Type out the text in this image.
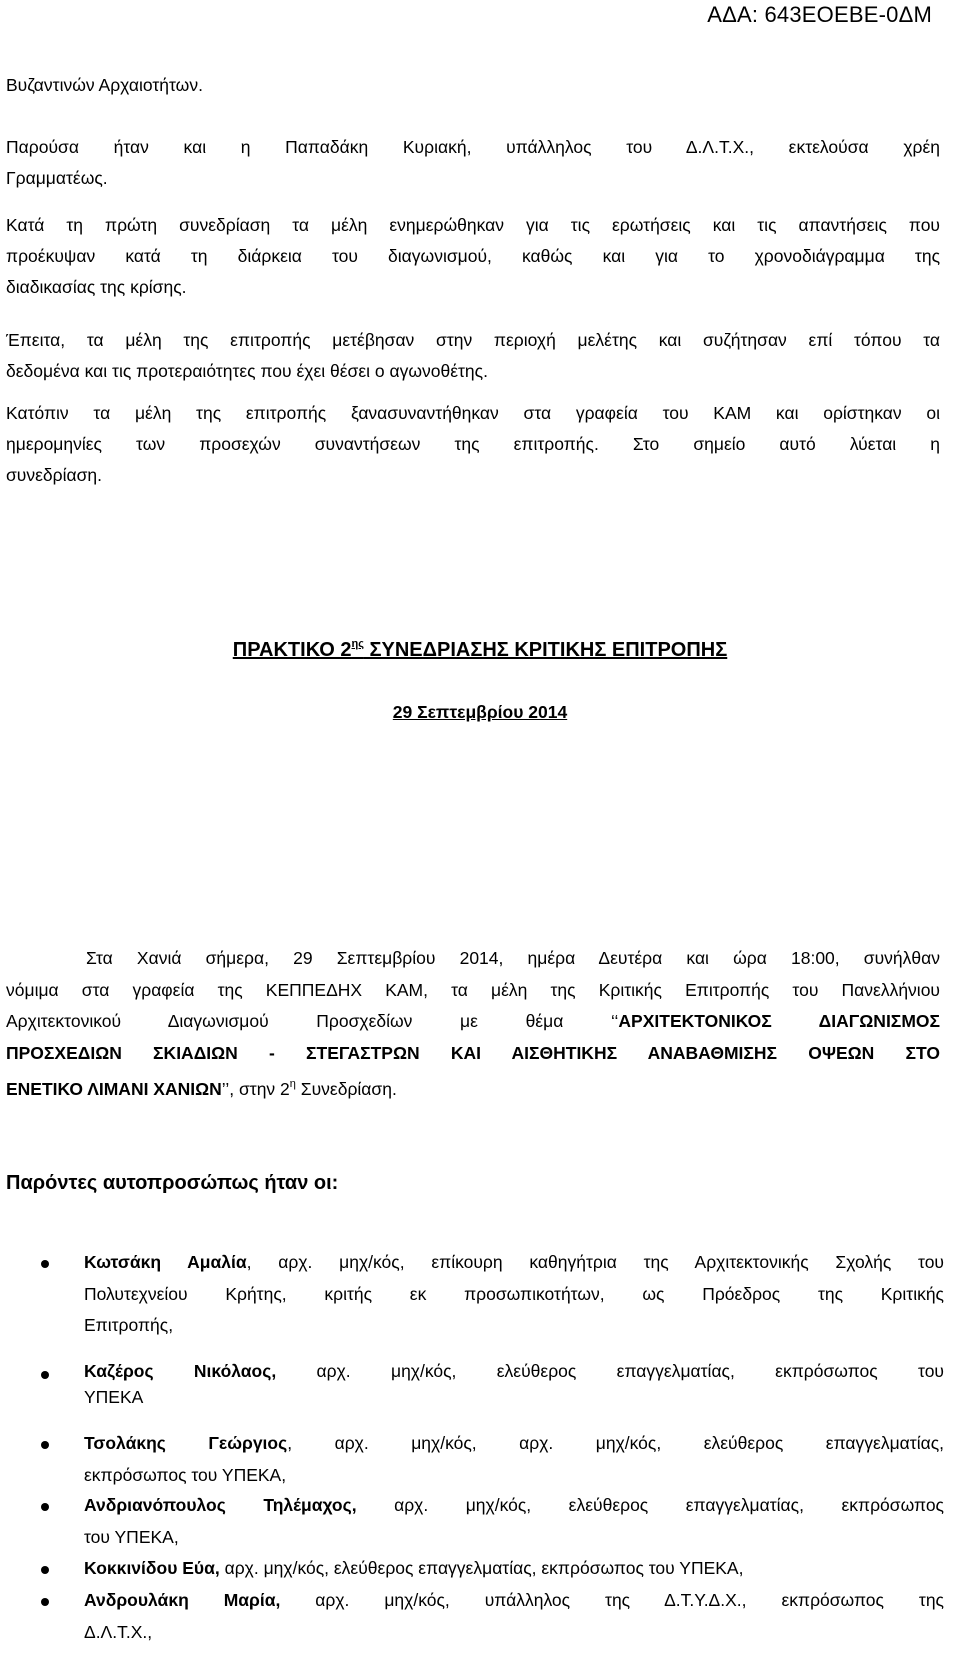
ΑΔΑ: 643ΕΟΕΒΕ-0ΔΜ

Βυζαντινών Αρχαιοτήτων.

Παρούσα ήταν και η Παπαδάκη Κυριακή, υπάλληλος του Δ.Λ.Τ.Χ., εκτελούσα χρέη
Γραμματέως.
Κατά τη πρώτη συνεδρίαση τα μέλη ενημερώθηκαν για τις ερωτήσεις και τις απαντήσεις που
προέκυψαν κατά τη διάρκεια του διαγωνισμού, καθώς και για το χρονοδιάγραμμα της
διαδικασίας της κρίσης.
Έπειτα, τα μέλη της επιτροπής μετέβησαν στην περιοχή μελέτης και συζήτησαν επί τόπου τα
δεδομένα και τις προτεραιότητες που έχει θέσει ο αγωνοθέτης.
Κατόπιν τα μέλη της επιτροπής ξανασυναντήθηκαν στα γραφεία του ΚΑΜ και ορίστηκαν οι
ημερομηνίες των προσεχών συναντήσεων της επιτροπής. Στο σημείο αυτό λύεται η
συνεδρίαση.
ΠΡΑΚΤΙΚΟ $2^{\eta\varsigma}$ ΣΥΝΕΔΡΙΑΣΗΣ ΚΡΙΤΙΚΗΣ ΕΠΙΤΡΟΠΗΣ
29 Σεπτεμβρίου 2014
Στα Χανιά σήμερα, 29 Σεπτεμβρίου 2014, ημέρα Δευτέρα και ώρα 18:00, συνήλθαν
νόμιμα στα γραφεία της ΚΕΠΠΕΔΗΧ ΚΑΜ, τα μέλη της Κριτικής Επιτροπής του Πανελλήνιου
Αρχιτεκτονικού Διαγωνισμού Προσχεδίων με θέμα ‘‘ΑΡΧΙΤΕΚΤΟΝΙΚΟΣ ΔΙΑΓΩΝΙΣΜΟΣ
ΠΡΟΣΧΕΔΙΩΝ ΣΚΙΑΔΙΩΝ - ΣΤΕΓΑΣΤΡΩΝ ΚΑΙ ΑΙΣΘΗΤΙΚΗΣ ΑΝΑΒΑΘΜΙΣΗΣ ΟΨΕΩΝ ΣΤΟ
ΕΝΕΤΙΚΟ ΛΙΜΑΝΙ ΧΑΝΙΩΝ’’, στην $2^\eta$ Συνεδρίαση.
Παρόντες αυτοπροσώπως ήταν οι:
Κωτσάκη Αμαλία, αρχ. μηχ/κός, επίκουρη καθηγήτρια της Αρχιτεκτονικής Σχολής του
Πολυτεχνείου Κρήτης, κριτής εκ προσωπικοτήτων, ως Πρόεδρος της Κριτικής
Επιτροπής,
Καζέρος Νικόλαος, αρχ. μηχ/κός, ελεύθερος επαγγελματίας, εκπρόσωπος του
ΥΠΕΚΑ
Τσολάκης Γεώργιος, αρχ. μηχ/κός, αρχ. μηχ/κός, ελεύθερος επαγγελματίας,
εκπρόσωπος του ΥΠΕΚΑ,
Ανδριανόπουλος Τηλέμαχος, αρχ. μηχ/κός, ελεύθερος επαγγελματίας, εκπρόσωπος
του ΥΠΕΚΑ,
Κοκκινίδου Εύα, αρχ. μηχ/κός, ελεύθερος επαγγελματίας, εκπρόσωπος του ΥΠΕΚΑ,
Ανδρουλάκη Μαρία, αρχ. μηχ/κός, υπάλληλος της Δ.Τ.Υ.Δ.Χ., εκπρόσωπος της
Δ.Λ.Τ.Χ.,
